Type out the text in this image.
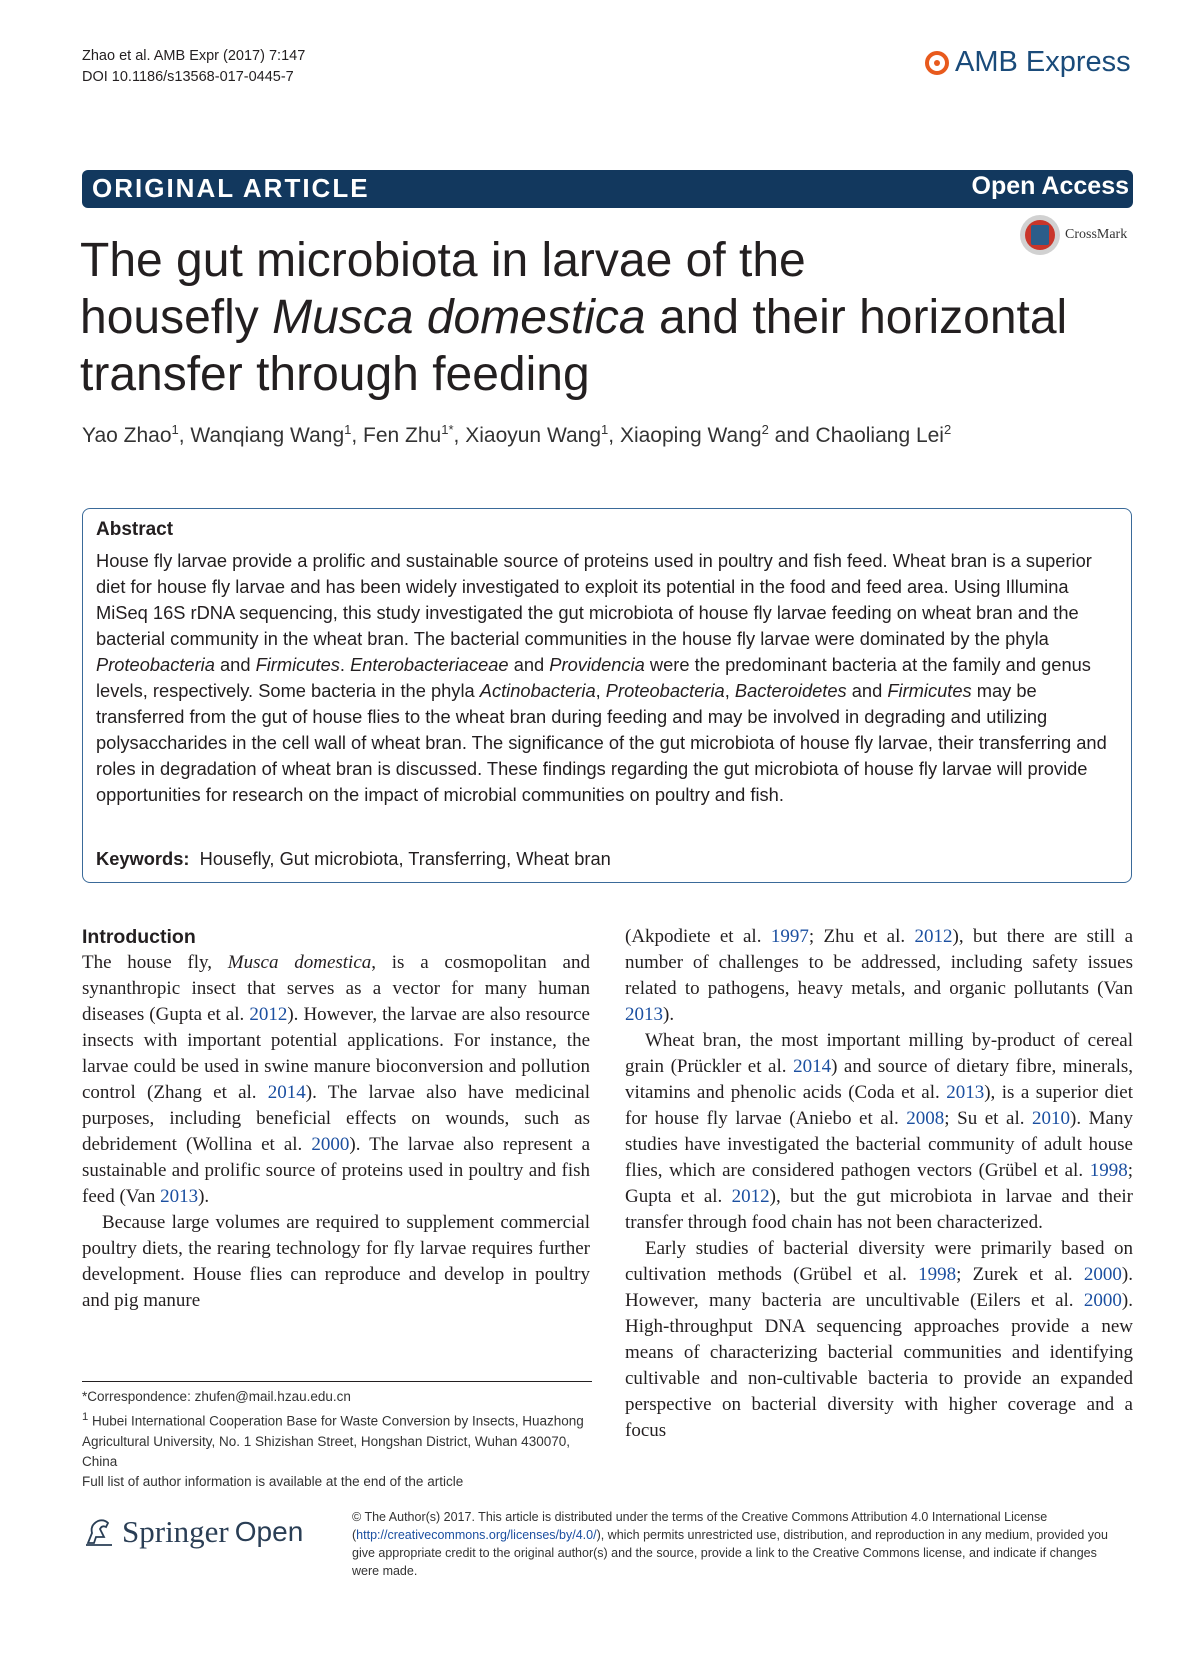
Zhao et al. AMB Expr (2017) 7:147
DOI 10.1186/s13568-017-0445-7	AMB Express
ORIGINAL ARTICLE	Open Access
CrossMark
The gut microbiota in larvae of the
housefly Musca domestica and their horizontal
transfer through feeding
Yao Zhao$^1$, Wanqiang Wang$^1$, Fen Zhu$^{1*}$, Xiaoyun Wang$^1$, Xiaoping Wang$^2$ and Chaoliang Lei$^2$
Abstract
House fly larvae provide a prolific and sustainable source of proteins used in poultry and fish feed. Wheat bran is a superior diet for house fly larvae and has been widely investigated to exploit its potential in the food and feed area. Using Illumina MiSeq 16S rDNA sequencing, this study investigated the gut microbiota of house fly larvae feeding on wheat bran and the bacterial community in the wheat bran. The bacterial communities in the house fly larvae were dominated by the phyla Proteobacteria and Firmicutes. Enterobacteriaceae and Providencia were the predominant bacteria at the family and genus levels, respectively. Some bacteria in the phyla Actinobacteria, Proteobacteria, Bacteroidetes and Firmicutes may be transferred from the gut of house flies to the wheat bran during feeding and may be involved in degrading and utilizing polysaccharides in the cell wall of wheat bran. The significance of the gut microbiota of house fly larvae, their transferring and roles in degradation of wheat bran is discussed. These findings regarding the gut microbiota of house fly larvae will provide opportunities for research on the impact of microbial communities on poultry and fish.
Keywords: Housefly, Gut microbiota, Transferring, Wheat bran
Introduction

The house fly, Musca domestica, is a cosmopolitan and synanthropic insect that serves as a vector for many human diseases (Gupta et al. 2012). However, the larvae are also resource insects with important potential applications. For instance, the larvae could be used in swine manure bioconversion and pollution control (Zhang et al. 2014). The larvae also have medicinal purposes, including beneficial effects on wounds, such as debridement (Wollina et al. 2000). The larvae also represent a sustainable and prolific source of proteins used in poultry and fish feed (Van 2013).

Because large volumes are required to supplement commercial poultry diets, the rearing technology for fly larvae requires further development. House flies can reproduce and develop in poultry and pig manure

(Akpodiete et al. 1997; Zhu et al. 2012), but there are still a number of challenges to be addressed, including safety issues related to pathogens, heavy metals, and organic pollutants (Van 2013).

Wheat bran, the most important milling by-product of cereal grain (Prückler et al. 2014) and source of dietary fibre, minerals, vitamins and phenolic acids (Coda et al. 2013), is a superior diet for house fly larvae (Aniebo et al. 2008; Su et al. 2010). Many studies have investigated the bacterial community of adult house flies, which are considered pathogen vectors (Grübel et al. 1998; Gupta et al. 2012), but the gut microbiota in larvae and their transfer through food chain has not been characterized.

Early studies of bacterial diversity were primarily based on cultivation methods (Grübel et al. 1998; Zurek et al. 2000). However, many bacteria are uncultivable (Eilers et al. 2000). High-throughput DNA sequencing approaches provide a new means of characterizing bacterial communities and identifying cultivable and non-cultivable bacteria to provide an expanded perspective on bacterial diversity with higher coverage and a focus

*Correspondence: zhufen@mail.hzau.edu.cn
$^1$ Hubei International Cooperation Base for Waste Conversion by Insects, Huazhong Agricultural University, No. 1 Shizishan Street, Hongshan District, Wuhan 430070, China
Full list of author information is available at the end of the article
Springer Open	© The Author(s) 2017. This article is distributed under the terms of the Creative Commons Attribution 4.0 International License (http://creativecommons.org/licenses/by/4.0/), which permits unrestricted use, distribution, and reproduction in any medium, provided you give appropriate credit to the original author(s) and the source, provide a link to the Creative Commons license, and indicate if changes were made.
